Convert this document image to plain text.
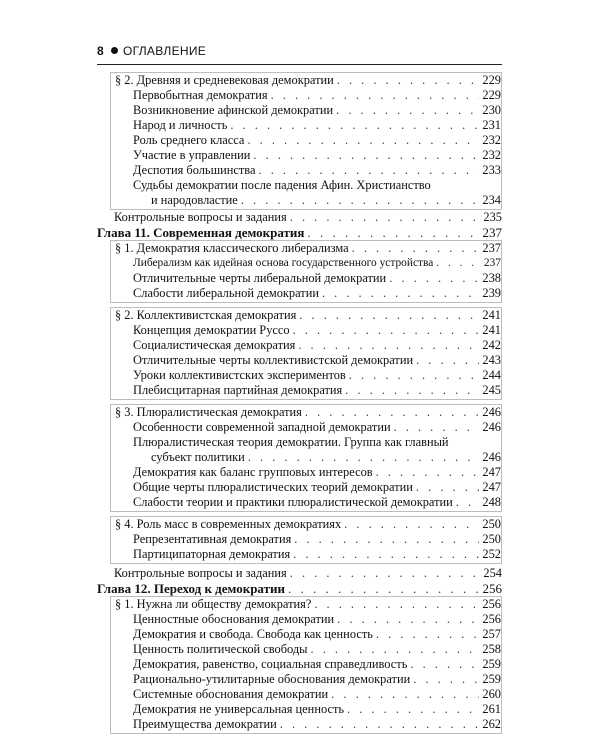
8 ОГЛАВЛЕНИЕ
§ 2. Древняя и средневековая демократии . . .	229
Первобытная демократия . . .	229
Возникновение афинской демократии . . .	230
Народ и личность . . .	231
Роль среднего класса . . .	232
Участие в управлении . . .	232
Деспотия большинства . . .	233
Судьбы демократии после падения Афин. Христианство
и народовластие . . .	234
Контрольные вопросы и задания . . .	235
Глава 11. Современная демократия . . .	237
§ 1. Демократия классического либерализма . . .	237
Либерализм как идейная основа государственного устройства . . .	237
Отличительные черты либеральной демократии . . .	238
Слабости либеральной демократии . . .	239
§ 2. Коллективистская демократия . . .	241
Концепция демократии Руссо . . .	241
Социалистическая демократия . . .	242
Отличительные черты коллективистской демократии . . .	243
Уроки коллективистских экспериментов . . .	244
Плебисцитарная партийная демократия . . .	245
§ 3. Плюралистическая демократия . . .	246
Особенности современной западной демократии . . .	246
Плюралистическая теория демократии. Группа как главный
субъект политики . . .	246
Демократия как баланс групповых интересов . . .	247
Общие черты плюралистических теорий демократии . . .	247
Слабости теории и практики плюралистической демократии . . . 248
§ 4. Роль масс в современных демократиях . . .	250
Репрезентативная демократия . . .	250
Партиципаторная демократия . . .	252
Контрольные вопросы и задания . . .	254
Глава 12. Переход к демократии . . .	256
§ 1. Нужна ли обществу демократия? . . .	256
Ценностные обоснования демократии . . .	256
Демократия и свобода. Свобода как ценность . . .	257
Ценность политической свободы . . .	258
Демократия, равенство, социальная справедливость . . .	259
Рационально-утилитарные обоснования демократии . . .	259
Системные обоснования демократии . . .	260
Демократия не универсальная ценность . . .	261
Преимущества демократии . . .	262
